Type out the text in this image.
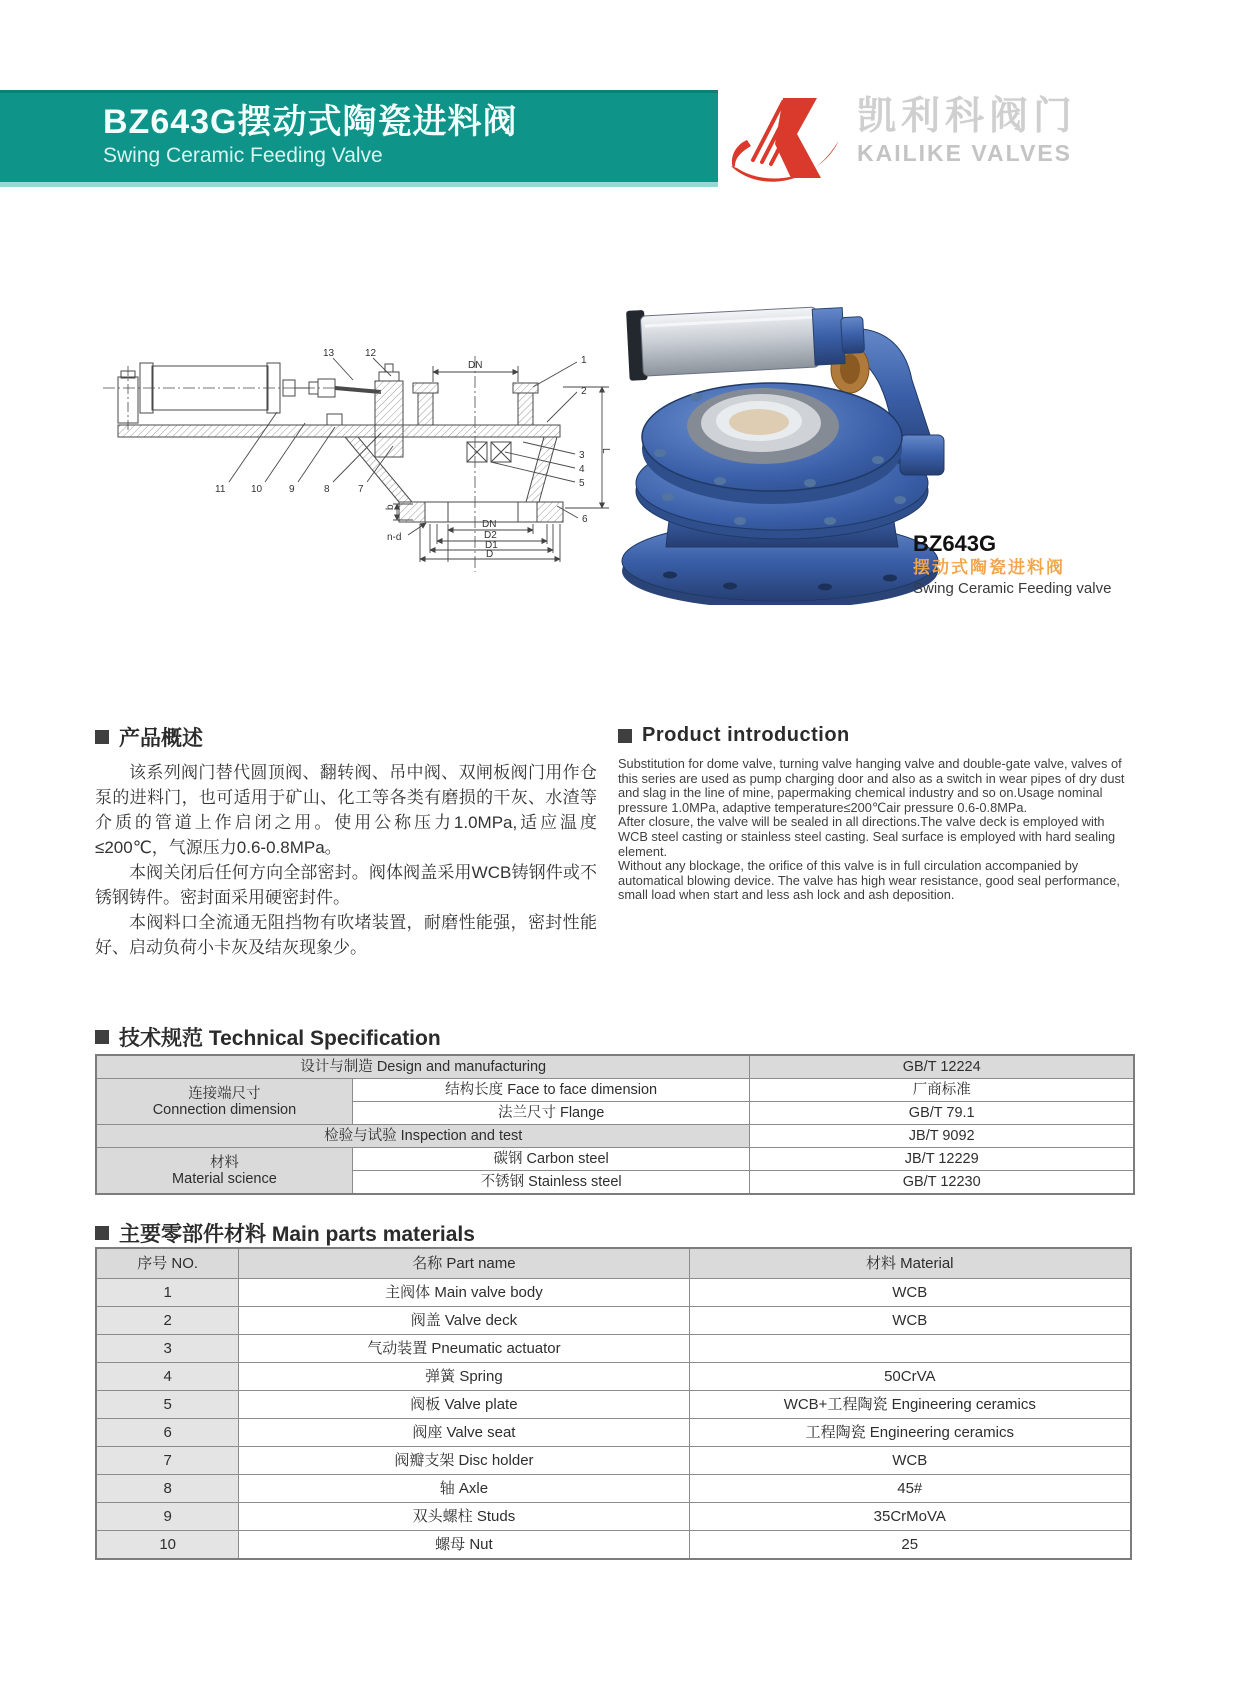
BZ643G摆动式陶瓷进料阀
Swing Ceramic Feeding Valve
凯利科阀门
KAILIKE VALVES
13	12
1
2
3
4
5
6
7
8
9
10
11
DN
L
b
n-d
DN
D2
D1
D	BZ643G
摆动式陶瓷进料阀
Swing Ceramic Feeding valve
产品概述

该系列阀门替代圆顶阀、翻转阀、吊中阀、双闸板阀门用作仓泵的进料门，也可适用于矿山、化工等各类有磨损的干灰、水渣等介质的管道上作启闭之用。使用公称压力1.0MPa,适应温度≤200℃，气源压力0.6-0.8MPa。

本阀关闭后任何方向全部密封。阀体阀盖采用WCB铸钢件或不锈钢铸件。密封面采用硬密封件。

本阀料口全流通无阻挡物有吹堵装置，耐磨性能强，密封性能好、启动负荷小卡灰及结灰现象少。

Product introduction

Substitution for dome valve, turning valve hanging valve and double-gate valve, valves of this series are used as pump charging door and also as a switch in wear pipes of dry dust and slag in the line of mine, papermaking chemical industry and so on.Usage nominal pressure 1.0MPa, adaptive temperature≤200℃air pressure 0.6-0.8MPa.

After closure, the valve will be sealed in all directions.The valve deck is employed with WCB steel casting or stainless steel casting. Seal surface is employed with hard sealing element.

Without any blockage, the orifice of this valve is in full circulation accompanied by automatical blowing device. The valve has high wear resistance, good seal performance, small load when start and less ash lock and ash deposition.

技术规范 Technical Specification
设计与制造 Design and manufacturing		GB/T 12224

连接端尺寸
Connection dimension	结构长度 Face to face dimension	厂商标准
	法兰尺寸 Flange	GB/T 79.1
检验与试验 Inspection and test		JB/T 9092

材料
Material science	碳钢 Carbon steel	JB/T 12229
	不锈钢 Stainless steel	GB/T 12230
主要零部件材料 Main parts materials
序号 NO.	名称 Part name	材料 Material
1	主阀体 Main valve body	WCB
2	阀盖 Valve deck	WCB
3	气动装置 Pneumatic actuator	
4	弹簧 Spring	50CrVA
5	阀板 Valve plate	WCB+工程陶瓷 Engineering ceramics
6	阀座 Valve seat	工程陶瓷 Engineering ceramics
7	阀瓣支架 Disc holder	WCB
8	轴 Axle	45#
9	双头螺柱 Studs	35CrMoVA
10	螺母 Nut	25
